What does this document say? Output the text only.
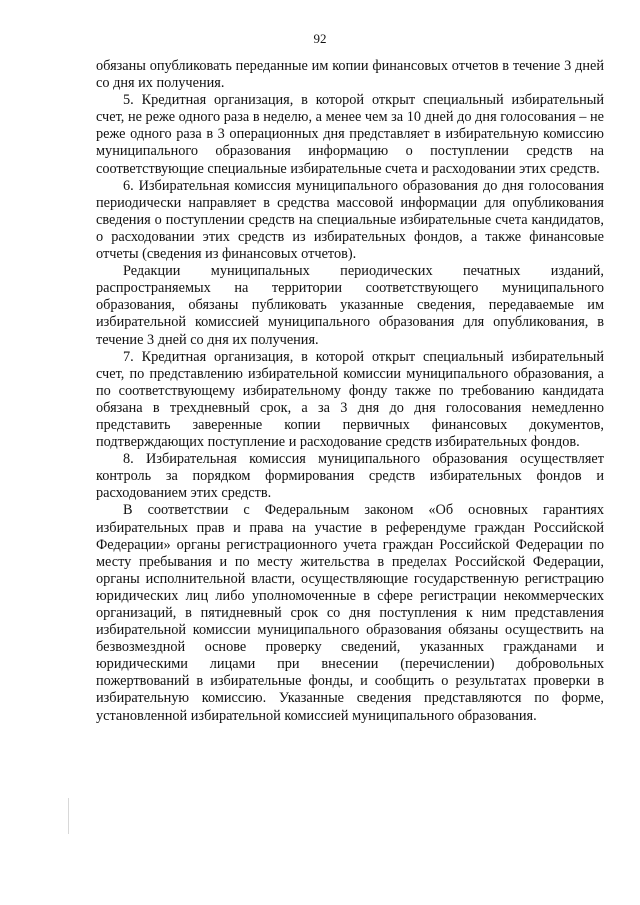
92

обязаны опубликовать переданные им копии финансовых отчетов в течение 3 дней со дня их получения.

5. Кредитная организация, в которой открыт специальный избирательный счет, не реже одного раза в неделю, а менее чем за 10 дней до дня голосования – не реже одного раза в 3 операционных дня представляет в избирательную комиссию муниципального образования информацию о поступлении средств на соответствующие специальные избирательные счета и расходовании этих средств.

6. Избирательная комиссия муниципального образования до дня голосования периодически направляет в средства массовой информации для опубликования сведения о поступлении средств на специальные избирательные счета кандидатов, о расходовании этих средств из избирательных фондов, а также финансовые отчеты (сведения из финансовых отчетов).

Редакции муниципальных периодических печатных изданий, распространяемых на территории соответствующего муниципального образования, обязаны публиковать указанные сведения, передаваемые им избирательной комиссией муниципального образования для опубликования, в течение 3 дней со дня их получения.

7. Кредитная организация, в которой открыт специальный избирательный счет, по представлению избирательной комиссии муниципального образования, а по соответствующему избирательному фонду также по требованию кандидата обязана в трехдневный срок, а за 3 дня до дня голосования немедленно представить заверенные копии первичных финансовых документов, подтверждающих поступление и расходование средств избирательных фондов.

8. Избирательная комиссия муниципального образования осуществляет контроль за порядком формирования средств избирательных фондов и расходованием этих средств.

В соответствии с Федеральным законом «Об основных гарантиях избирательных прав и права на участие в референдуме граждан Российской Федерации» органы регистрационного учета граждан Российской Федерации по месту пребывания и по месту жительства в пределах Российской Федерации, органы исполнительной власти, осуществляющие государственную регистрацию юридических лиц либо уполномоченные в сфере регистрации некоммерческих организаций, в пятидневный срок со дня поступления к ним представления избирательной комиссии муниципального образования обязаны осуществить на безвозмездной основе проверку сведений, указанных гражданами и юридическими лицами при внесении (перечислении) добровольных пожертвований в избирательные фонды, и сообщить о результатах проверки в избирательную комиссию. Указанные сведения представляются по форме, установленной избирательной комиссией муниципального образования.
